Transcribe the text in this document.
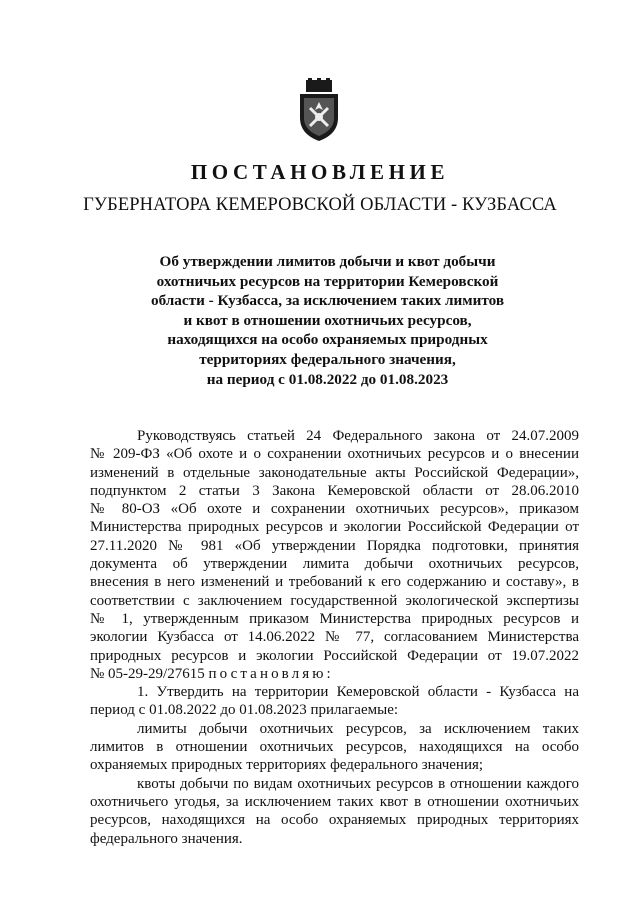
ПОСТАНОВЛЕНИЕ
ГУБЕРНАТОРА КЕМЕРОВСКОЙ ОБЛАСТИ - КУЗБАССА
Об утверждении лимитов добычи и квот добычи
охотничьих ресурсов на территории Кемеровской
области - Кузбасса, за исключением таких лимитов
и квот в отношении охотничьих ресурсов,
находящихся на особо охраняемых природных
территориях федерального значения,
на период с 01.08.2022 до 01.08.2023
Руководствуясь статьей 24 Федерального закона от 24.07.2009
№ 209-ФЗ «Об охоте и о сохранении охотничьих ресурсов и о внесении
изменений в отдельные законодательные акты Российской Федерации»,
подпунктом 2 статьи 3 Закона Кемеровской области от 28.06.2010
№ 80-ОЗ «Об охоте и сохранении охотничьих ресурсов», приказом
Министерства природных ресурсов и экологии Российской Федерации от
27.11.2020 № 981 «Об утверждении Порядка подготовки, принятия
документа об утверждении лимита добычи охотничьих ресурсов,
внесения в него изменений и требований к его содержанию и составу», в
соответствии с заключением государственной экологической экспертизы
№ 1, утвержденным приказом Министерства природных ресурсов и
экологии Кузбасса от 14.06.2022 № 77, согласованием Министерства
природных ресурсов и экологии Российской Федерации от 19.07.2022
№ 05-29-29/27615 постановляю:
1. Утвердить на территории Кемеровской области - Кузбасса на
период с 01.08.2022 до 01.08.2023 прилагаемые:
лимиты добычи охотничьих ресурсов, за исключением таких
лимитов в отношении охотничьих ресурсов, находящихся на особо
охраняемых природных территориях федерального значения;
квоты добычи по видам охотничьих ресурсов в отношении каждого
охотничьего угодья, за исключением таких квот в отношении охотничьих
ресурсов, находящихся на особо охраняемых природных территориях
федерального значения.
